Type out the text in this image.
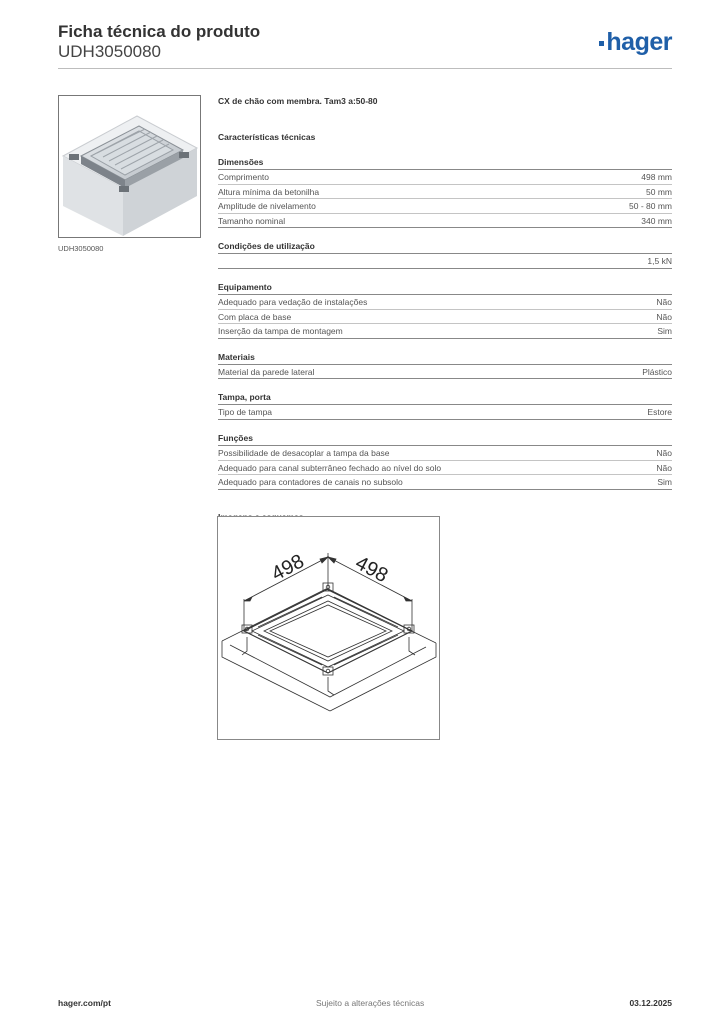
Ficha técnica do produto
UDH3050080	hager
UDH3050080
CX de chão com membra. Tam3 a:50-80
Características técnicas
Dimensões
Comprimento	498 mm
Altura mínima da betonilha	50 mm
Amplitude de nivelamento	50 - 80 mm
Tamanho nominal	340 mm
Condições de utilização
1,5 kN
Equipamento
Adequado para vedação de instalações	Não
Com placa de base	Não
Inserção da tampa de montagem	Sim
Materiais
Material da parede lateral	Plástico
Tampa, porta
Tipo de tampa	Estore
Funções
Possibilidade de desacoplar a tampa da base	Não
Adequado para canal subterrâneo fechado ao nível do solo	Não
Adequado para contadores de canais no subsolo	Sim
498 498
hager.com/pt	Sujeito a alterações técnicas	03.12.2025
